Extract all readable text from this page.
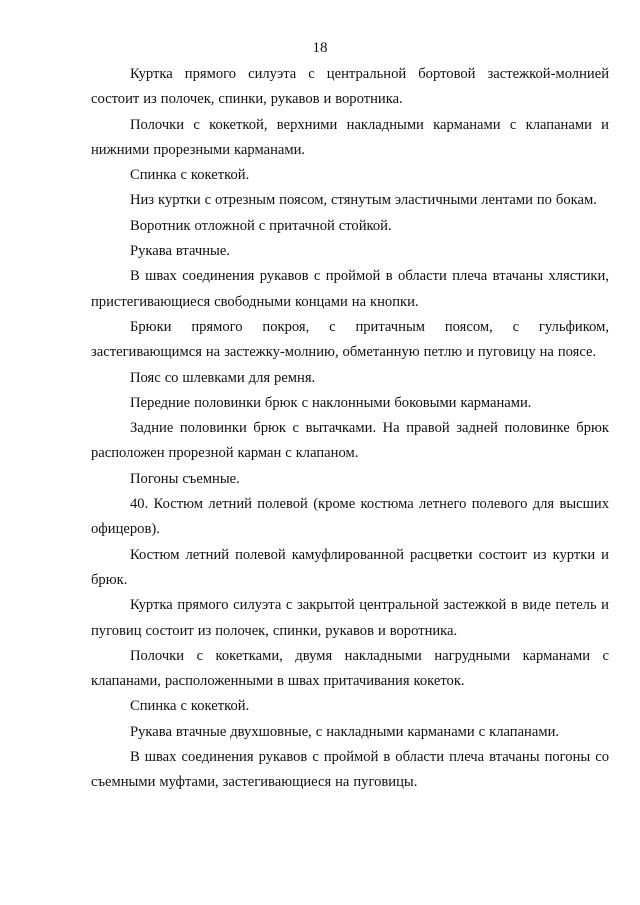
18

Куртка прямого силуэта с центральной бортовой застежкой-молнией состоит из полочек, спинки, рукавов и воротника.

Полочки с кокеткой, верхними накладными карманами с клапанами и нижними прорезными карманами.

Спинка с кокеткой.

Низ куртки с отрезным поясом, стянутым эластичными лентами по бокам.

Воротник отложной с притачной стойкой.

Рукава втачные.

В швах соединения рукавов с проймой в области плеча втачаны хлястики, пристегивающиеся свободными концами на кнопки.

Брюки прямого покроя, с притачным поясом, с гульфиком, застегивающимся на застежку-молнию, обметанную петлю и пуговицу на поясе.

Пояс со шлевками для ремня.

Передние половинки брюк с наклонными боковыми карманами.

Задние половинки брюк с вытачками. На правой задней половинке брюк расположен прорезной карман с клапаном.

Погоны съемные.

40. Костюм летний полевой (кроме костюма летнего полевого для высших офицеров).

Костюм летний полевой камуфлированной расцветки состоит из куртки и брюк.

Куртка прямого силуэта с закрытой центральной застежкой в виде петель и пуговиц состоит из полочек, спинки, рукавов и воротника.

Полочки с кокетками, двумя накладными нагрудными карманами с клапанами, расположенными в швах притачивания кокеток.

Спинка с кокеткой.

Рукава втачные двухшовные, с накладными карманами с клапанами.

В швах соединения рукавов с проймой в области плеча втачаны погоны со съемными муфтами, застегивающиеся на пуговицы.
